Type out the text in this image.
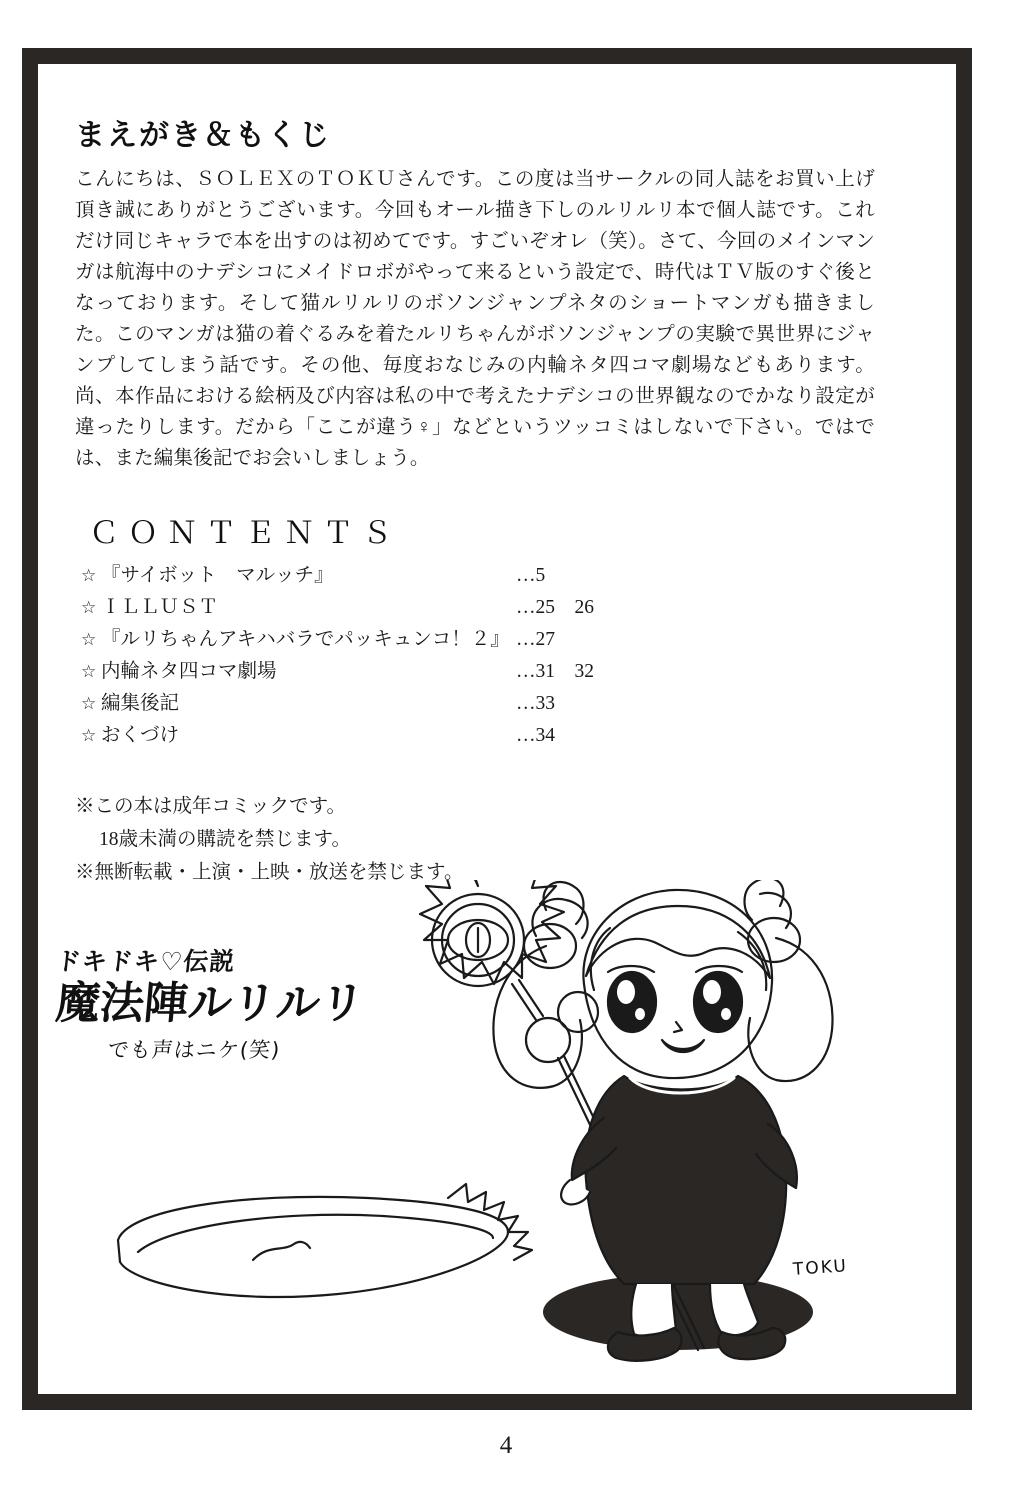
まえがき＆もくじ

こんにちは、ＳＯＬＥＸのＴＯＫＵさんです。この度は当サークルの同人誌をお買い上げ頂き誠にありがとうございます。今回もオール描き下しのルリルリ本で個人誌です。これだけ同じキャラで本を出すのは初めてです。すごいぞオレ（笑）。さて、今回のメインマンガは航海中のナデシコにメイドロボがやって来るという設定で、時代はＴＶ版のすぐ後となっております。そして猫ルリルリのボソンジャンプネタのショートマンガも描きました。このマンガは猫の着ぐるみを着たルリちゃんがボソンジャンプの実験で異世界にジャンプしてしまう話です。その他、毎度おなじみの内輪ネタ四コマ劇場などもあります。尚、本作品における絵柄及び内容は私の中で考えたナデシコの世界観なのでかなり設定が違ったりします。だから「ここが違う♀」などというツッコミはしないで下さい。ではでは、また編集後記でお会いしましょう。

ＣＯＮＴＥＮＴＳ
☆ 『サイボット　マルッチ』	…5
☆ ＩＬＬＵＳＴ	…25　26
☆ 『ルリちゃんアキハバラでパッキュンコ！２』 …27
☆ 内輪ネタ四コマ劇場	…31　32
☆ 編集後記	…33
☆ おくづけ	…34
※この本は成年コミックです。
18歳未満の購読を禁じます。
※無断転載・上演・上映・放送を禁じます。
ドキドキ♡伝説
魔法陣ルリルリ
でも声はニケ(笑)
TOKU
4
